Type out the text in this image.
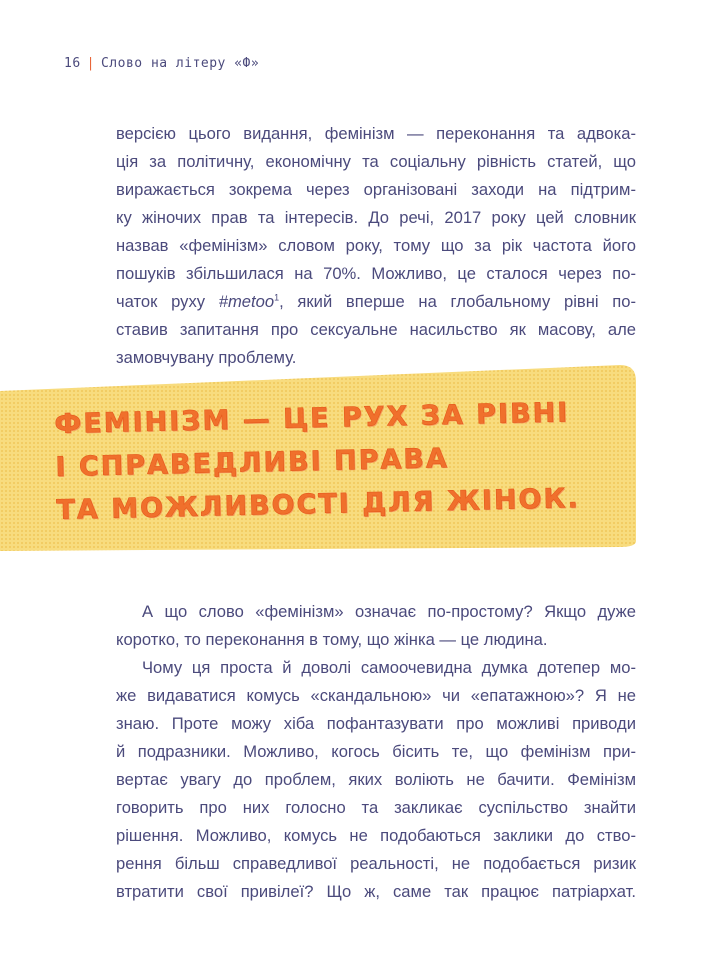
16 | Слово на літеру «Ф»

версією цього видання, фемінізм — переконання та адвока-
ція за політичну, економічну та соціальну рівність статей, що
виражається зокрема через організовані заходи на підтрим-
ку жіночих прав та інтересів. До речі, 2017 року цей словник
назвав «фемінізм» словом року, тому що за рік частота його
пошуків збільшилася на 70%. Можливо, це сталося через по-
чаток руху #metoo$^1$, який вперше на глобальному рівні по-
ставив запитання про сексуальне насильство як масову, але
замовчувану проблему.

ФЕМІНІЗМ — ЦЕ РУХ ЗА РІВНІ
І СПРАВЕДЛИВІ ПРАВА
ТА МОЖЛИВОСТІ ДЛЯ ЖІНОК.

А що слово «фемінізм» означає по-простому? Якщо дуже
коротко, то переконання в тому, що жінка — це людина.
Чому ця проста й доволі самоочевидна думка дотепер мо-
же видаватися комусь «скандальною» чи «епатажною»? Я не
знаю. Проте можу хіба пофантазувати про можливі приводи
й подразники. Можливо, когось бісить те, що фемінізм при-
вертає увагу до проблем, яких воліють не бачити. Фемінізм
говорить про них голосно та закликає суспільство знайти
рішення. Можливо, комусь не подобаються заклики до ство-
рення більш справедливої реальності, не подобається ризик
втратити свої привілеї? Що ж, саме так працює патріархат.
